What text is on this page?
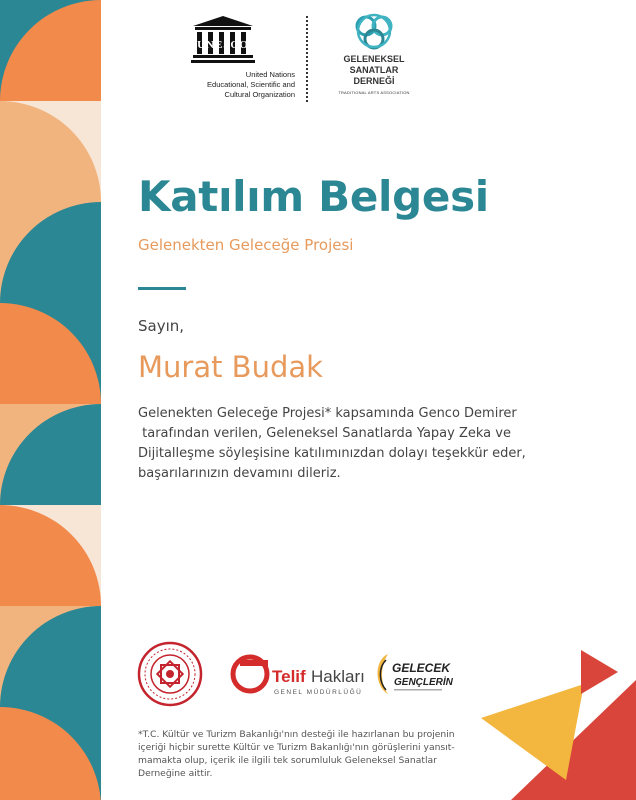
UNESCO
United Nations
Educational, Scientific and
Cultural Organization
GELENEKSEL
SANATLAR
DERNEĞİ
TRADITIONAL ARTS ASSOCIATION
Katılım Belgesi
Gelenekten Geleceğe Projesi
Sayın,
Murat Budak
Gelenekten Geleceğe Projesi* kapsamında Genco Demirer
tarafından verilen, Geleneksel Sanatlarda Yapay Zeka ve
Dijitalleşme söyleşisine katılımınızdan dolayı teşekkür eder,
başarılarınızın devamını dileriz.
Telif Hakları
GENEL MÜDÜRLÜĞÜ
GELECEK
GENÇLERİN
*T.C. Kültür ve Turizm Bakanlığı'nın desteği ile hazırlanan bu projenin
içeriği hiçbir surette Kültür ve Turizm Bakanlığı'nın görüşlerini yansıt-
mamakta olup, içerik ile ilgili tek sorumluluk Geleneksel Sanatlar
Derneğine aittir.
